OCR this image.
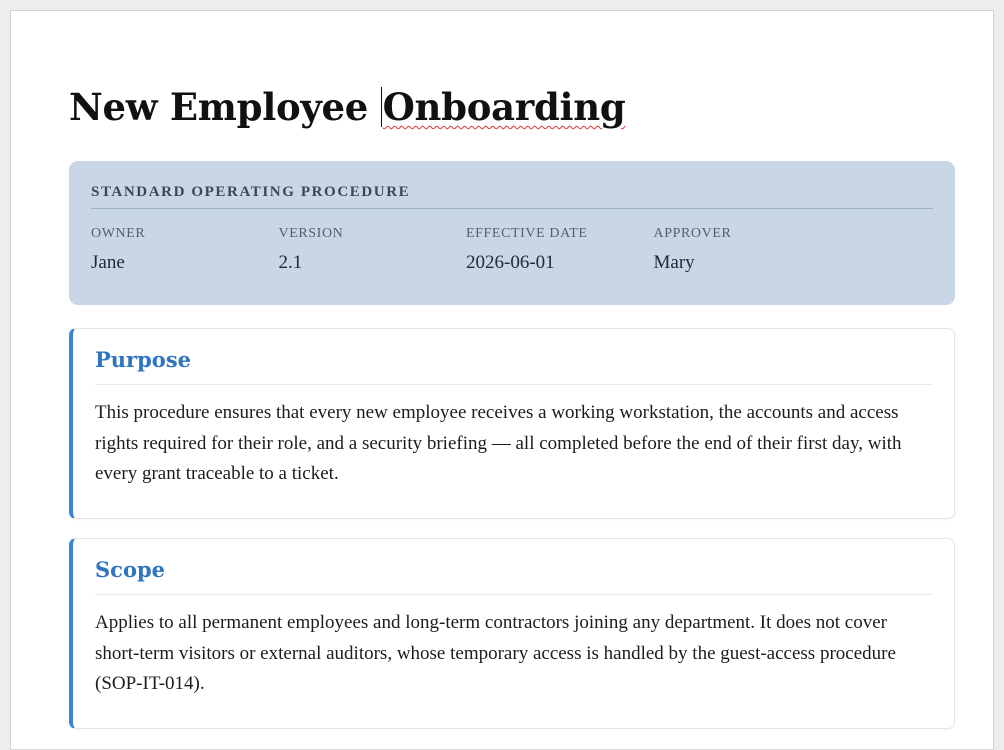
New Employee Onboarding
STANDARD OPERATING PROCEDURE
OWNER
Jane
VERSION
2.1
EFFECTIVE DATE
2026-06-01
APPROVER
Mary
Purpose

This procedure ensures that every new employee receives a working workstation, the accounts and access rights required for their role, and a security briefing — all completed before the end of their first day, with every grant traceable to a ticket.

Scope

Applies to all permanent employees and long-term contractors joining any department. It does not cover short-term visitors or external auditors, whose temporary access is handled by the guest-access procedure (SOP-IT-014).
